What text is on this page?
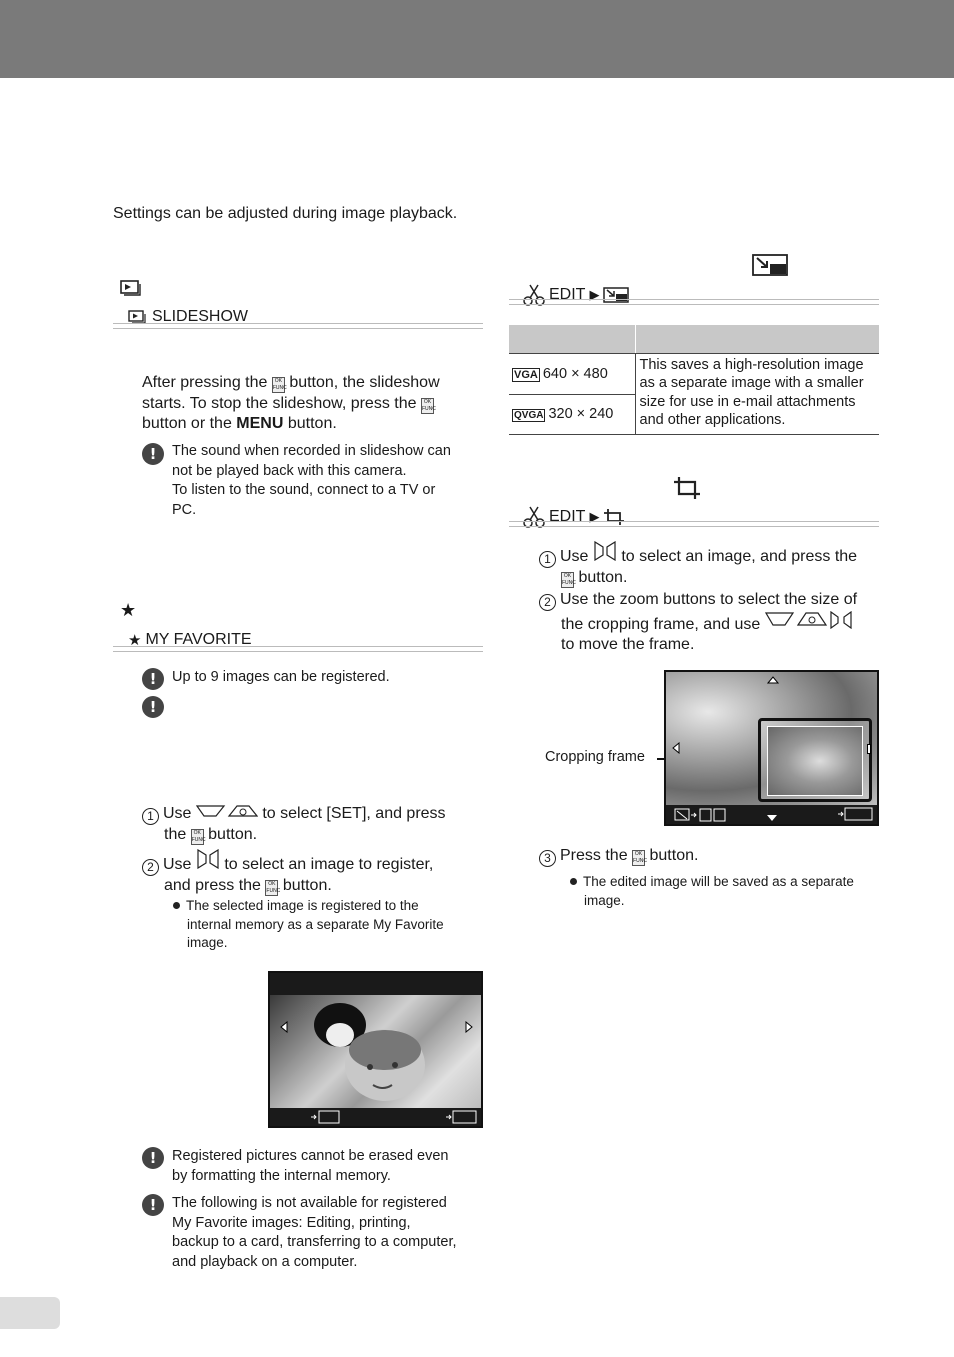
Settings can be adjusted during image playback.
SLIDESHOW
After pressing the OK
FUNC button, the slideshow
starts. To stop the slideshow, press the OK
FUNC
button or the MENU button.
!	The sound when recorded in slideshow can
not be played back with this camera.
To listen to the sound, connect to a TV or
PC.
★
★ MY FAVORITE
!	Up to 9 images can be registered.
!
1 Use	to select [SET], and press
the OK
FUNC button.
2 Use to select an image to register,
and press the OK
FUNC button.
The selected image is registered to the
internal memory as a separate My Favorite
image.
!	Registered pictures cannot be erased even
by formatting the internal memory.
!	The following is not available for registered
My Favorite images: Editing, printing,
backup to a card, transferring to a computer,
and playback on a computer.
EDIT ▶

VGA 640 × 480	This saves a high-resolution image
as a separate image with a smaller
size for use in e-mail attachments
and other applications.

QVGA 320 × 240	
EDIT ▶
1 Use to select an image, and press the
OK
FUNC button.
2 Use the zoom buttons to select the size of
the cropping frame, and use
to move the frame.
Cropping frame
3 Press the OK
FUNC button.
The edited image will be saved as a separate
image.
